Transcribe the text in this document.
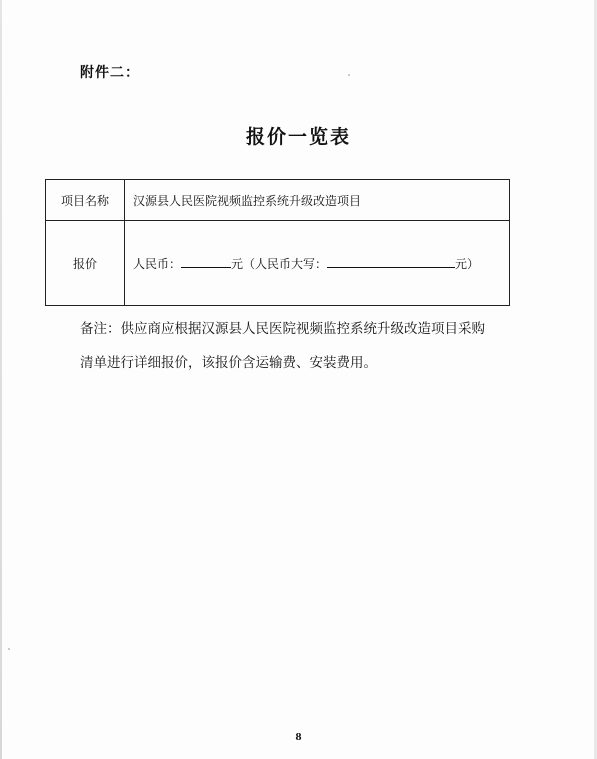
附件二：
报价一览表
项目名称	汉源县人民医院视频监控系统升级改造项目
报价	人民币： 元（人民币大写： 元）
备注：供应商应根据汉源县人民医院视频监控系统升级改造项目采购
清单进行详细报价，该报价含运输费、安装费用。
8
